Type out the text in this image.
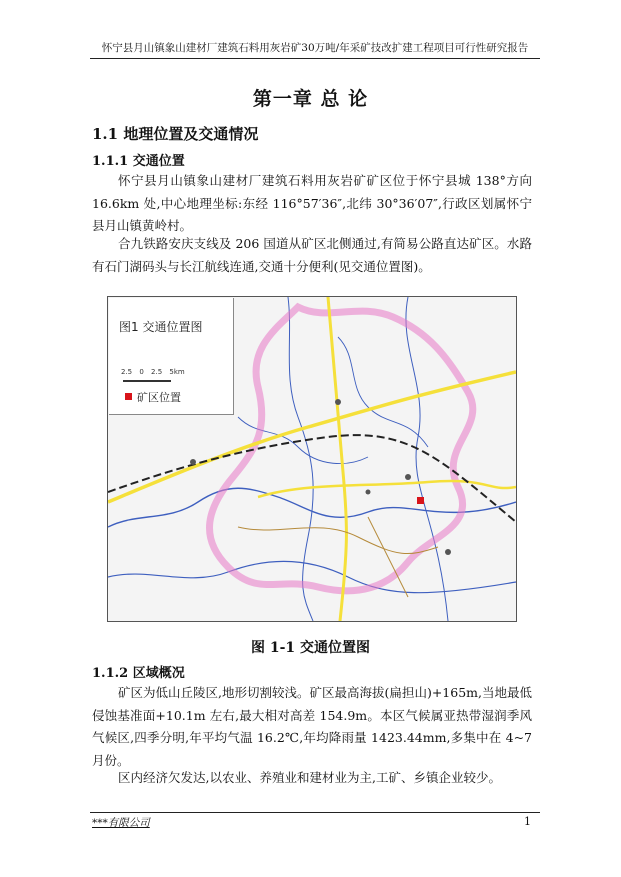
怀宁县月山镇象山建材厂建筑石料用灰岩矿30万吨/年采矿技改扩建工程项目可行性研究报告
第一章 总 论
1.1 地理位置及交通情况
1.1.1 交通位置
怀宁县月山镇象山建材厂建筑石料用灰岩矿矿区位于怀宁县城 138°方向16.6km 处,中心地理坐标:东经 116°57′36″,北纬 30°36′07″,行政区划属怀宁县月山镇黄岭村。
合九铁路安庆支线及 206 国道从矿区北侧通过,有简易公路直达矿区。水路有石门湖码头与长江航线连通,交通十分便利(见交通位置图)。
图1 交通位置图
2.5 0 2.5 5km
矿区位置
图 1-1 交通位置图
1.1.2 区域概况
矿区为低山丘陵区,地形切割较浅。矿区最高海拔(扁担山)+165m,当地最低侵蚀基准面+10.1m 左右,最大相对高差 154.9m。本区气候属亚热带湿润季风气候区,四季分明,年平均气温 16.2℃,年均降雨量 1423.44mm,多集中在 4~7 月份。
区内经济欠发达,以农业、养殖业和建材业为主,工矿、乡镇企业较少。
***有限公司	1
